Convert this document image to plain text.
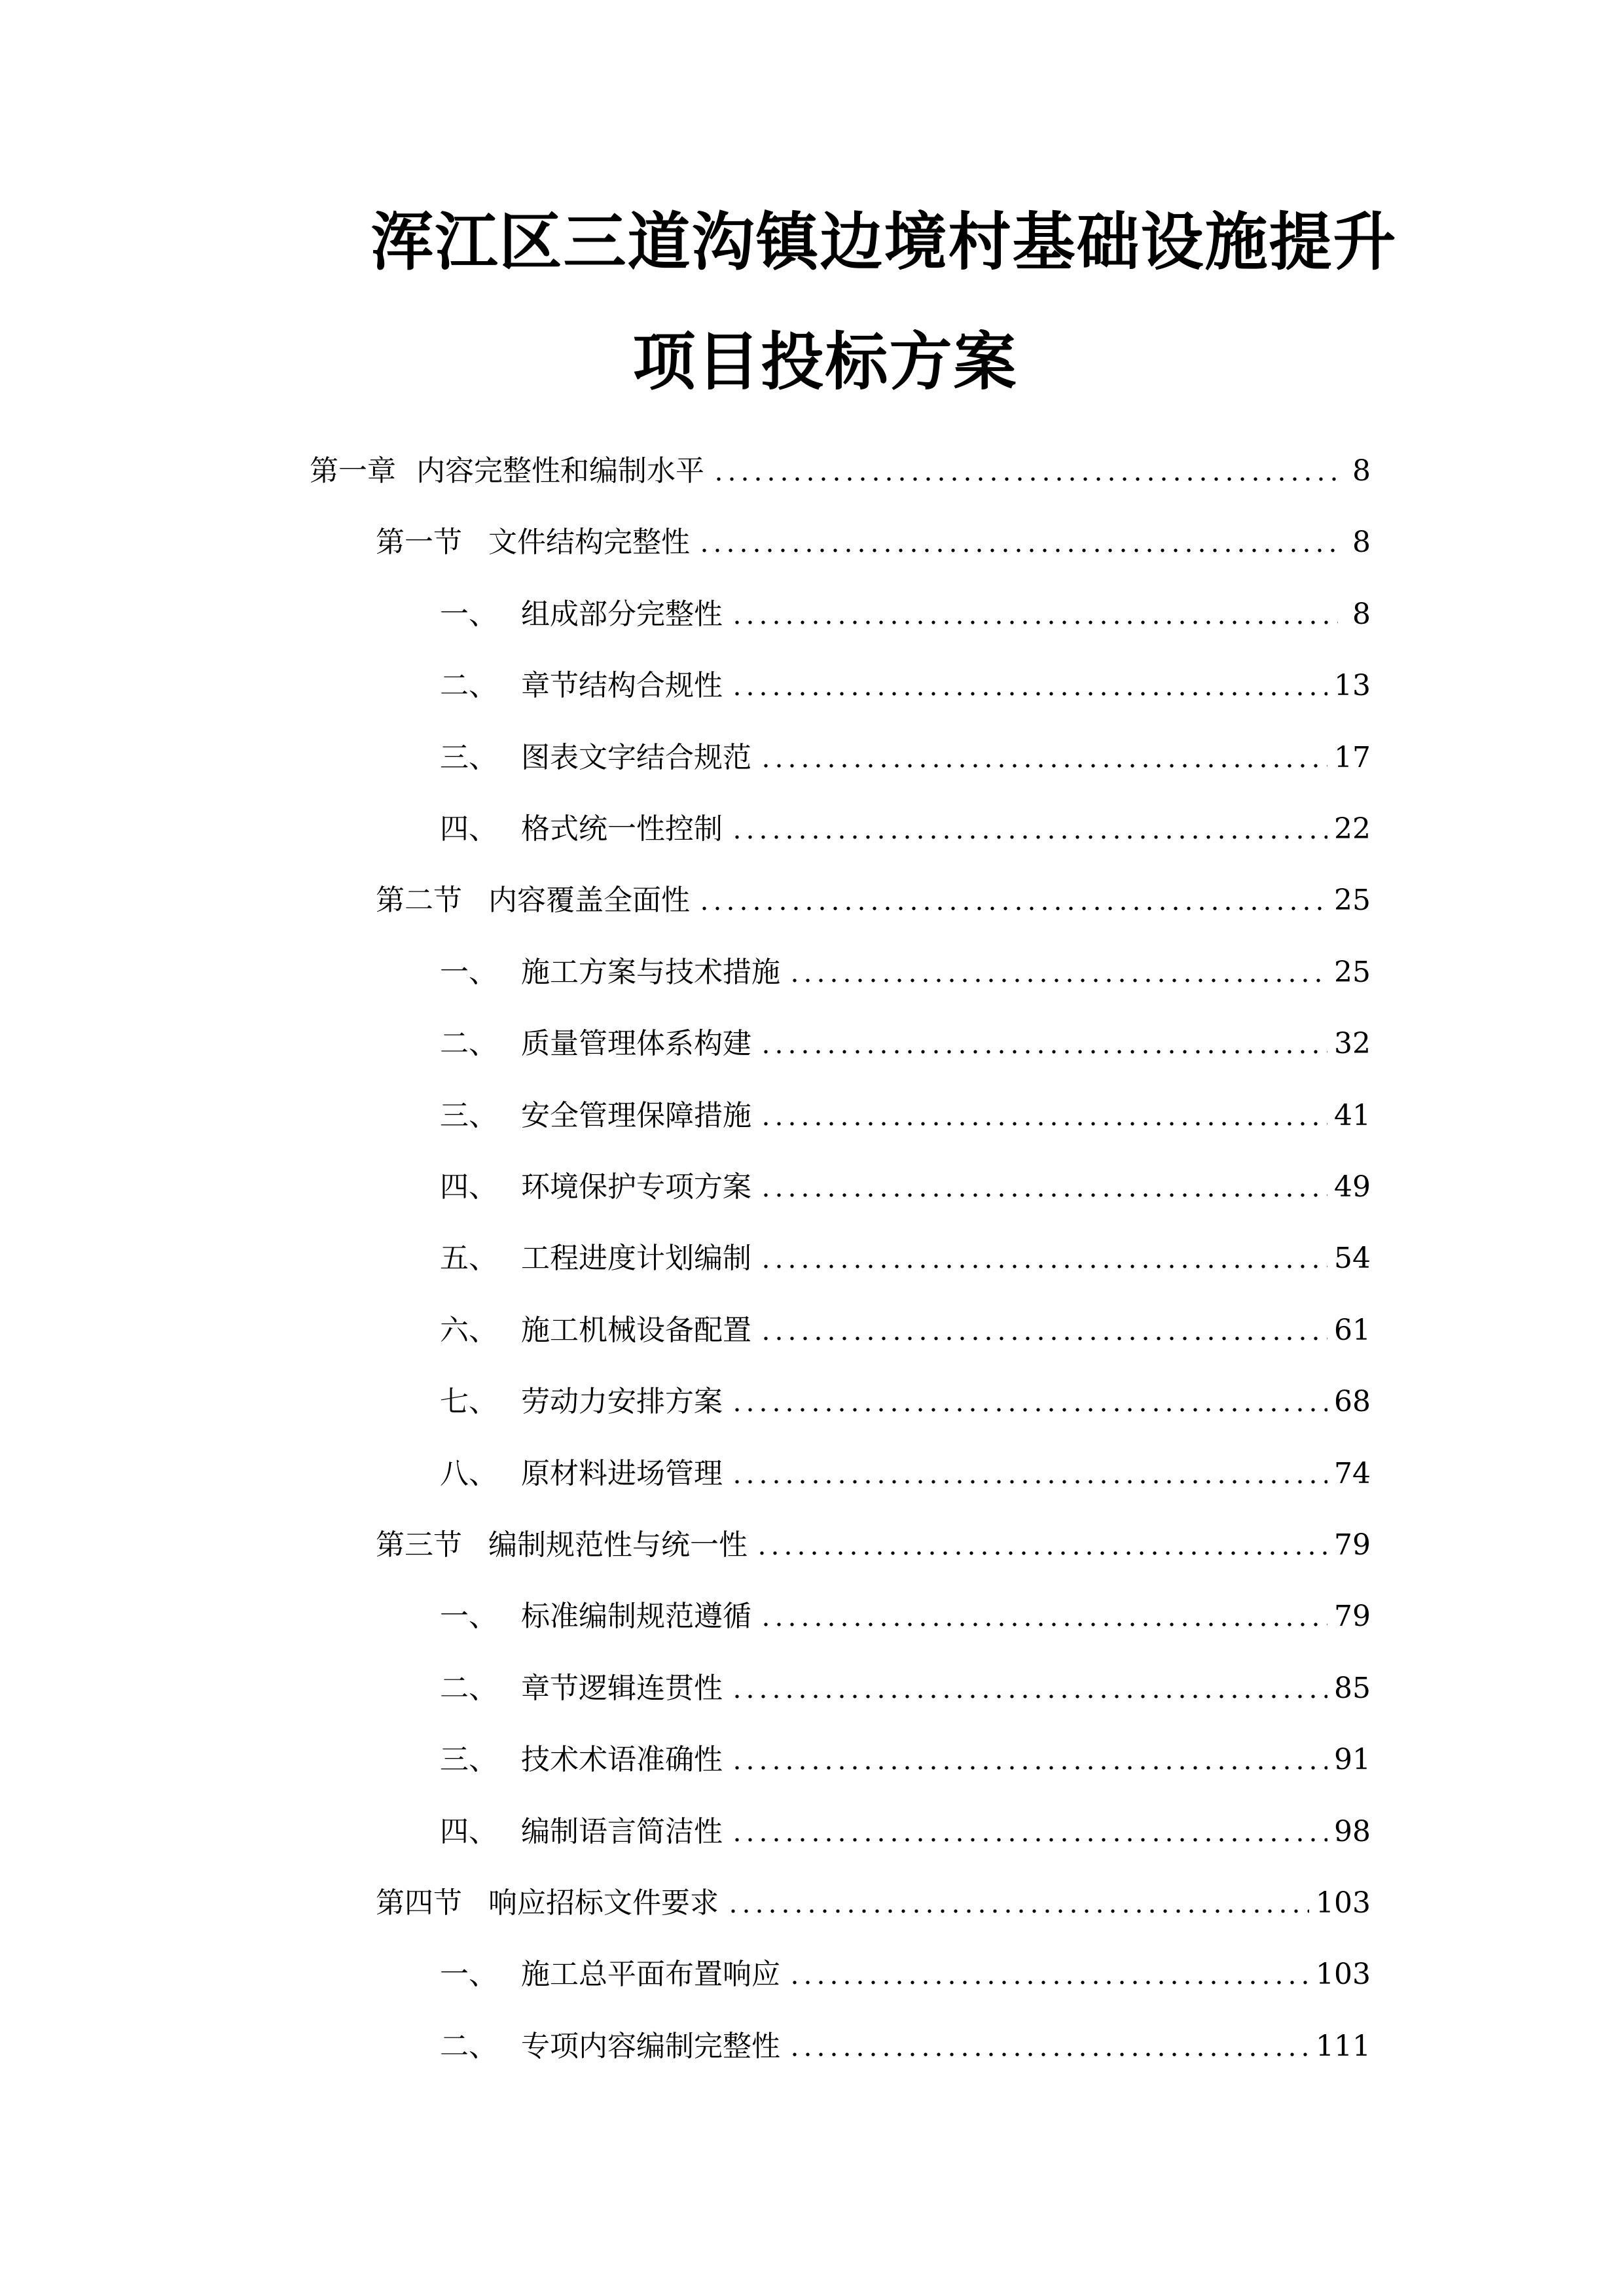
浑江区三道沟镇边境村基础设施提升
项目投标方案
第一章 内容完整性和编制水平	8
第一节 文件结构完整性	8
一、 组成部分完整性	8
二、 章节结构合规性	13
三、 图表文字结合规范	17
四、 格式统一性控制	22
第二节 内容覆盖全面性	25
一、 施工方案与技术措施	25
二、 质量管理体系构建	32
三、 安全管理保障措施	41
四、 环境保护专项方案	49
五、 工程进度计划编制	54
六、 施工机械设备配置	61
七、 劳动力安排方案	68
八、 原材料进场管理	74
第三节 编制规范性与统一性	79
一、 标准编制规范遵循	79
二、 章节逻辑连贯性	85
三、 技术术语准确性	91
四、 编制语言简洁性	98
第四节 响应招标文件要求	103
一、 施工总平面布置响应	103
二、 专项内容编制完整性	111
